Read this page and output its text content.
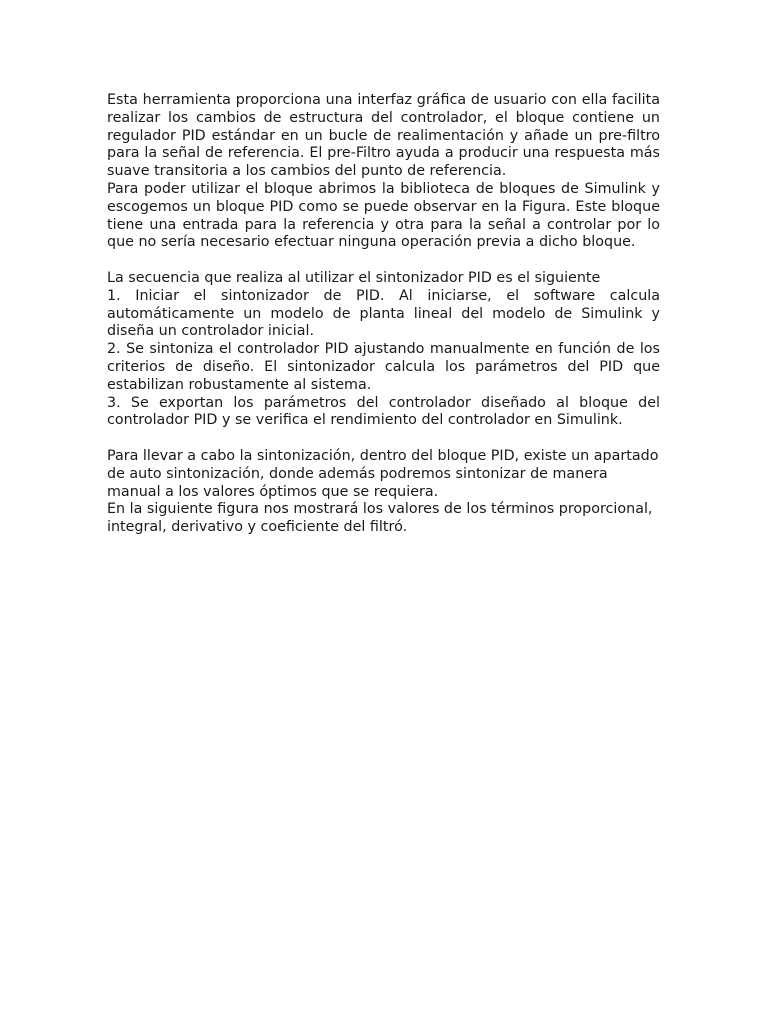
Esta herramienta proporciona una interfaz gráfica de usuario con ella facilita realizar los cambios de estructura del controlador, el bloque contiene un regulador PID estándar en un bucle de realimentación y añade un pre-filtro para la señal de referencia. El pre-Filtro ayuda a producir una respuesta más suave transitoria a los cambios del punto de referencia.

Para poder utilizar el bloque abrimos la biblioteca de bloques de Simulink y escogemos un bloque PID como se puede observar en la Figura. Este bloque tiene una entrada para la referencia y otra para la señal a controlar por lo que no sería necesario efectuar ninguna operación previa a dicho bloque.

La secuencia que realiza al utilizar el sintonizador PID es el siguiente

1. Iniciar el sintonizador de PID. Al iniciarse, el software calcula automáticamente un modelo de planta lineal del modelo de Simulink y diseña un controlador inicial.

2. Se sintoniza el controlador PID ajustando manualmente en función de los criterios de diseño. El sintonizador calcula los parámetros del PID que estabilizan robustamente al sistema.

3. Se exportan los parámetros del controlador diseñado al bloque del controlador PID y se verifica el rendimiento del controlador en Simulink.

Para llevar a cabo la sintonización, dentro del bloque PID, existe un apartado de auto sintonización, donde además podremos sintonizar de manera manual a los valores óptimos que se requiera.

En la siguiente figura nos mostrará los valores de los términos proporcional, integral, derivativo y coeficiente del filtró.
